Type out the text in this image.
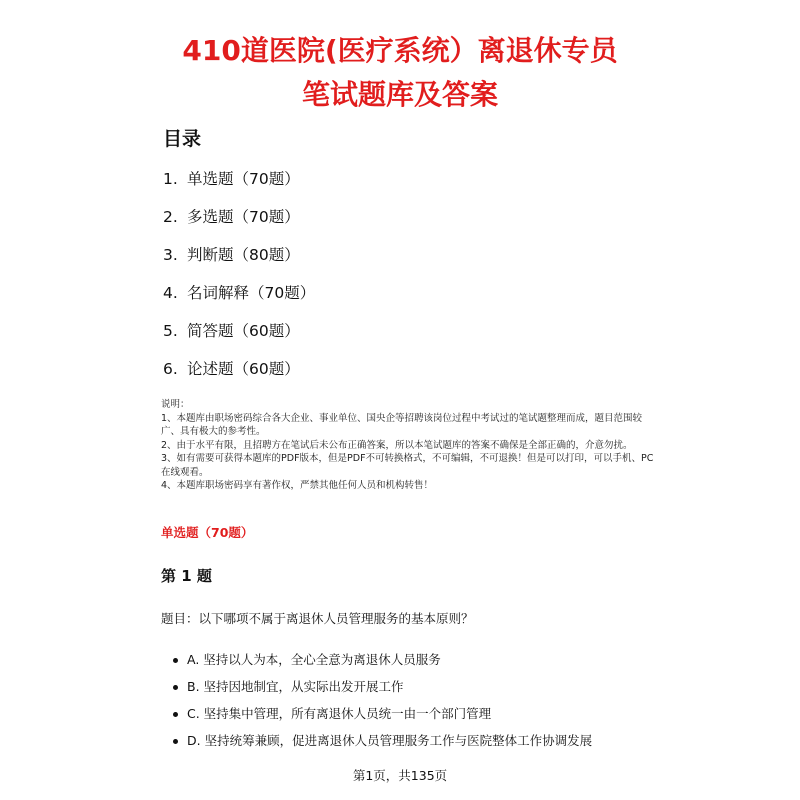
410道医院(医疗系统）离退休专员
笔试题库及答案
目录
1. 单选题（70题）
2. 多选题（70题）
3. 判断题（80题）
4. 名词解释（70题）
5. 简答题（60题）
6. 论述题（60题）

说明：

1、本题库由职场密码综合各大企业、事业单位、国央企等招聘该岗位过程中考试过的笔试题整理而成，题目范围较广、具有极大的参考性。

2、由于水平有限，且招聘方在笔试后未公布正确答案，所以本笔试题库的答案不确保是全部正确的，介意勿扰。

3、如有需要可获得本题库的PDF版本，但是PDF不可转换格式，不可编辑，不可退换！但是可以打印，可以手机、PC在线观看。

4、本题库职场密码享有著作权，严禁其他任何人员和机构转售！

单选题（70题）
第 1 题

题目：以下哪项不属于离退休人员管理服务的基本原则？

A. 坚持以人为本，全心全意为离退休人员服务
B. 坚持因地制宜，从实际出发开展工作
C. 坚持集中管理，所有离退休人员统一由一个部门管理
D. 坚持统筹兼顾，促进离退休人员管理服务工作与医院整体工作协调发展
第1页，共135页
